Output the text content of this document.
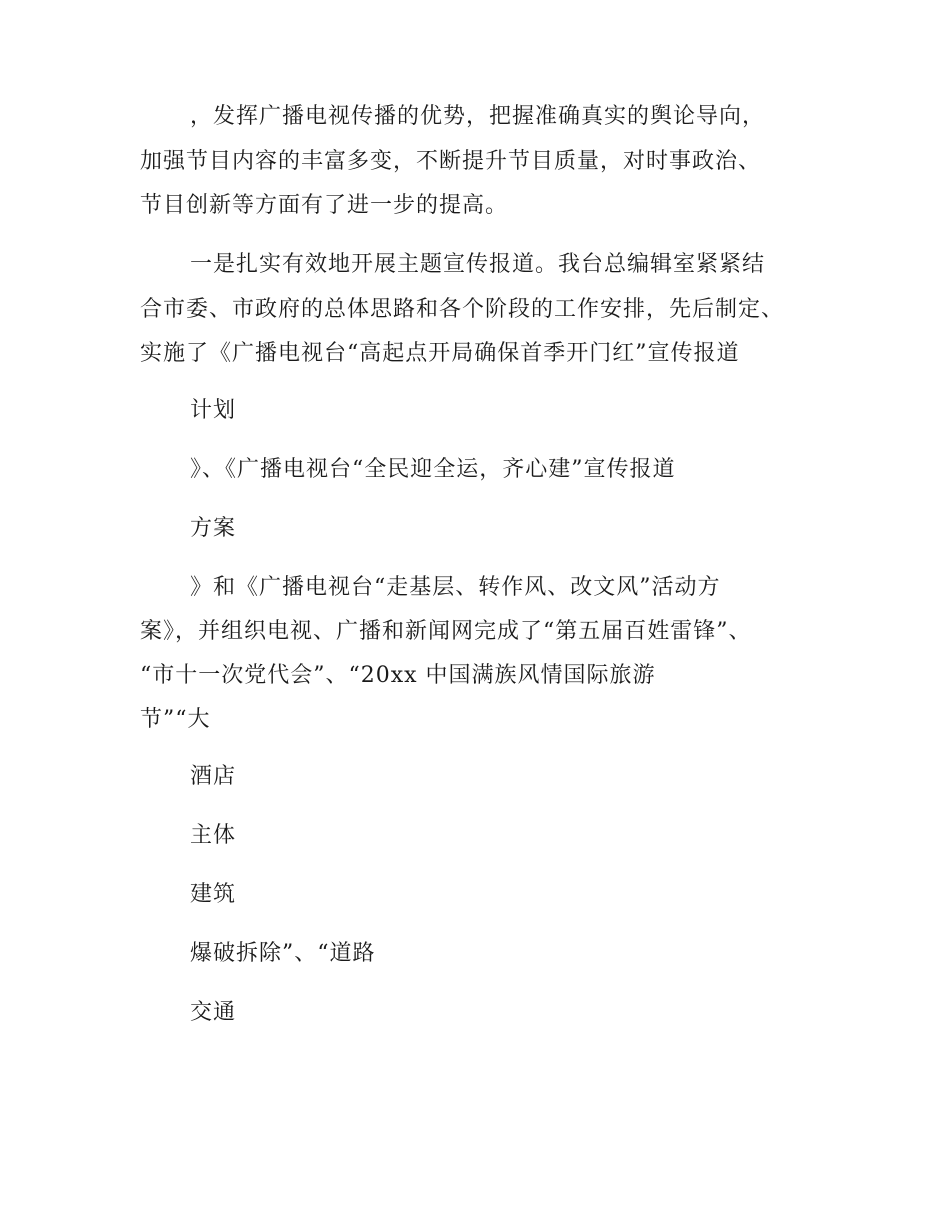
，发挥广播电视传播的优势，把握准确真实的舆论导向，
加强节目内容的丰富多变，不断提升节目质量，对时事政治、
节目创新等方面有了进一步的提高。
一是扎实有效地开展主题宣传报道。我台总编辑室紧紧结
合市委、市政府的总体思路和各个阶段的工作安排，先后制定、
实施了《广播电视台“高起点开局确保首季开门红”宣传报道
计划
》、《广播电视台“全民迎全运，齐心建”宣传报道
方案
》和《广播电视台“走基层、转作风、改文风”活动方
案》，并组织电视、广播和新闻网完成了“第五届百姓雷锋”、
“市十一次党代会”、“20xx 中国满族风情国际旅游
节”“大
酒店
主体
建筑
爆破拆除”、“道路
交通
